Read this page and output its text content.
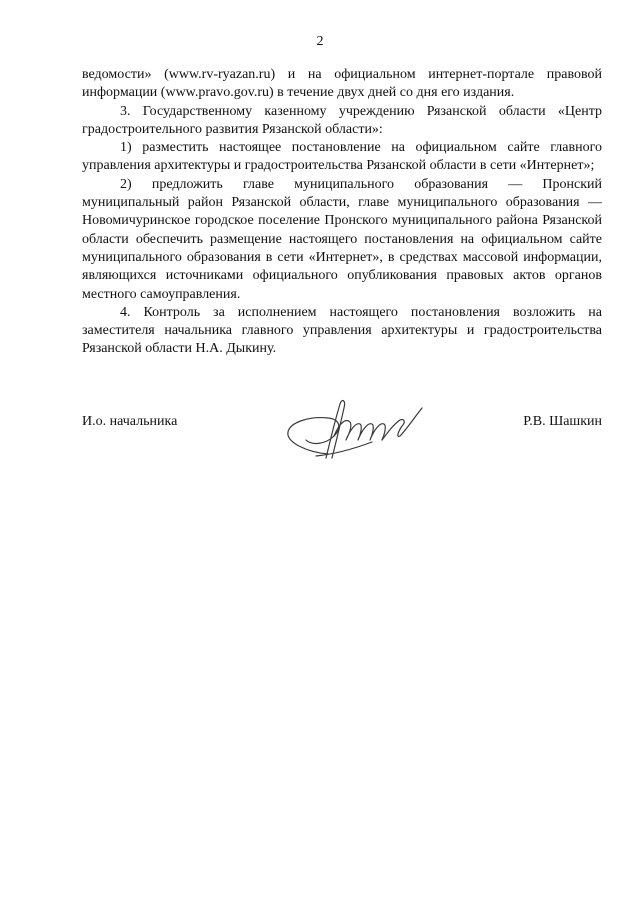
2

ведомости» (www.rv-ryazan.ru) и на официальном интернет-портале правовой информации (www.pravo.gov.ru) в течение двух дней со дня его издания.

3. Государственному казенному учреждению Рязанской области «Центр градостроительного развития Рязанской области»:

1) разместить настоящее постановление на официальном сайте главного управления архитектуры и градостроительства Рязанской области в сети «Интернет»;

2) предложить главе муниципального образования — Пронский муниципальный район Рязанской области, главе муниципального образования — Новомичуринское городское поселение Пронского муниципального района Рязанской области обеспечить размещение настоящего постановления на официальном сайте муниципального образования в сети «Интернет», в средствах массовой информации, являющихся источниками официального опубликования правовых актов органов местного самоуправления.

4. Контроль за исполнением настоящего постановления возложить на заместителя начальника главного управления архитектуры и градостроительства Рязанской области Н.А. Дыкину.

И.о. начальника	Р.В. Шашкин
